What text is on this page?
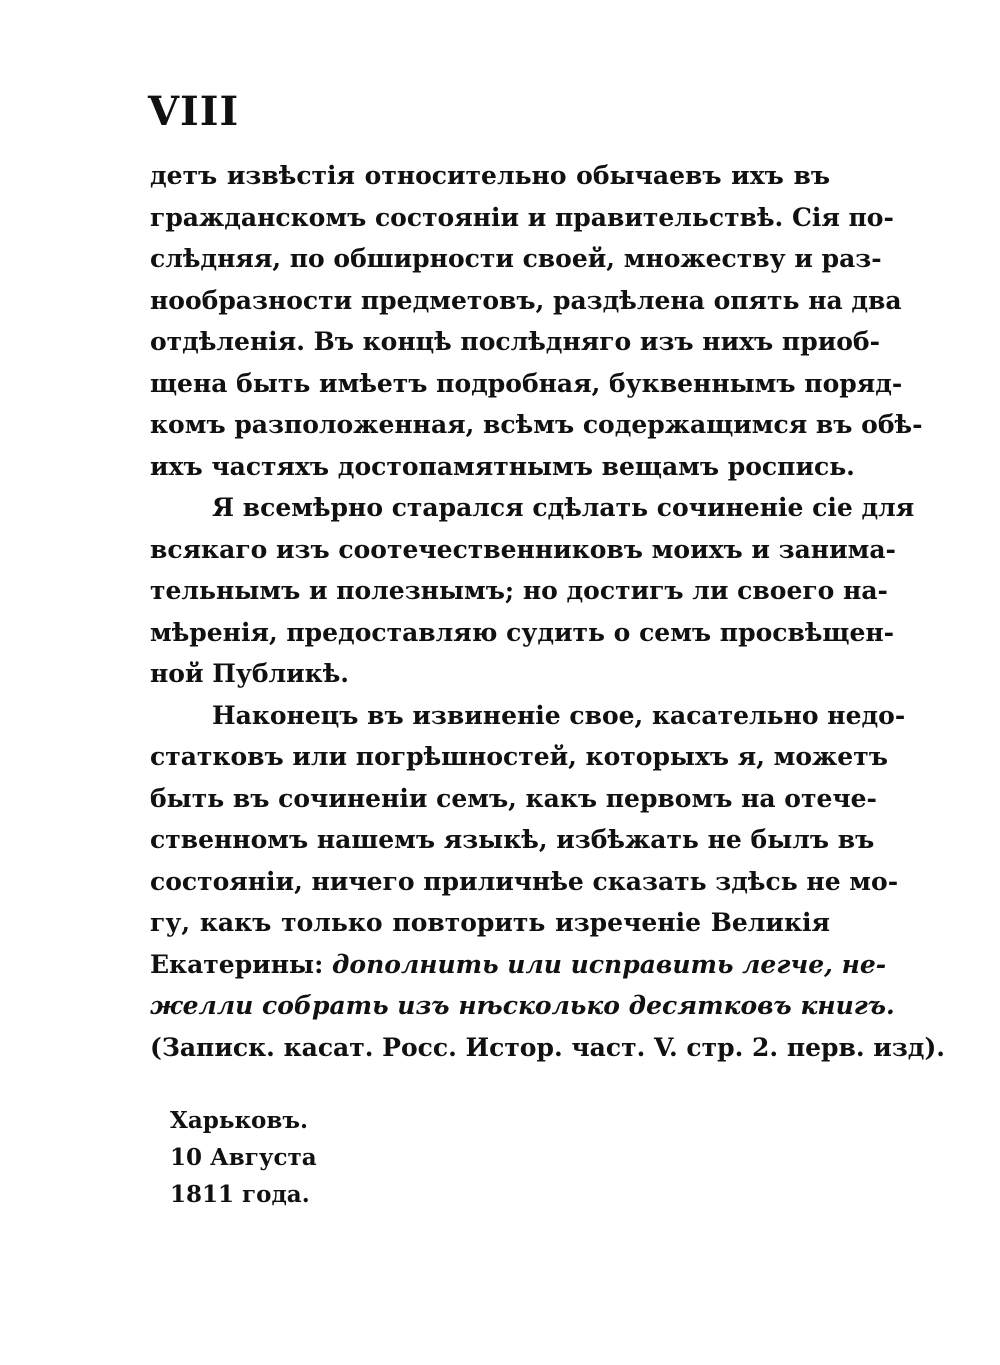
VIII
детъ извѣстія относительно обычаевъ ихъ въ
гражданскомъ состояніи и правительствѣ. Сія по-
слѣдняя, по обширности своей, множеству и раз-
нообразности предметовъ, раздѣлена опять на два
отдѣленія. Въ концѣ послѣдняго изъ нихъ приоб-
щена быть имѣетъ подробная, буквеннымъ поряд-
комъ разположенная, всѣмъ содержащимся въ обѣ-
ихъ частяхъ достопамятнымъ вещамъ роспись.
Я всемѣрно старался сдѣлать сочиненіе сіе для
всякаго изъ соотечественниковъ моихъ и занима-
тельнымъ и полезнымъ; но достигъ ли своего на-
мѣренія, предоставляю судить о семъ просвѣщен-
ной Публикѣ.
Наконецъ въ извиненіе свое, касательно недо-
статковъ или погрѣшностей, которыхъ я, можетъ
быть въ сочиненіи семъ, какъ первомъ на отече-
ственномъ нашемъ языкѣ, избѣжать не былъ въ
состояніи, ничего приличнѣе сказать здѣсь не мо-
гу, какъ только повторить изреченіе Великія
Екатерины: дополнить или исправить легче, не-
желли собрать изъ нѣсколько десятковъ книгъ.
(Записк. касат. Росс. Истор. част. V. стр. 2. перв. изд).
Харьковъ.
10 Августа
1811 года.
